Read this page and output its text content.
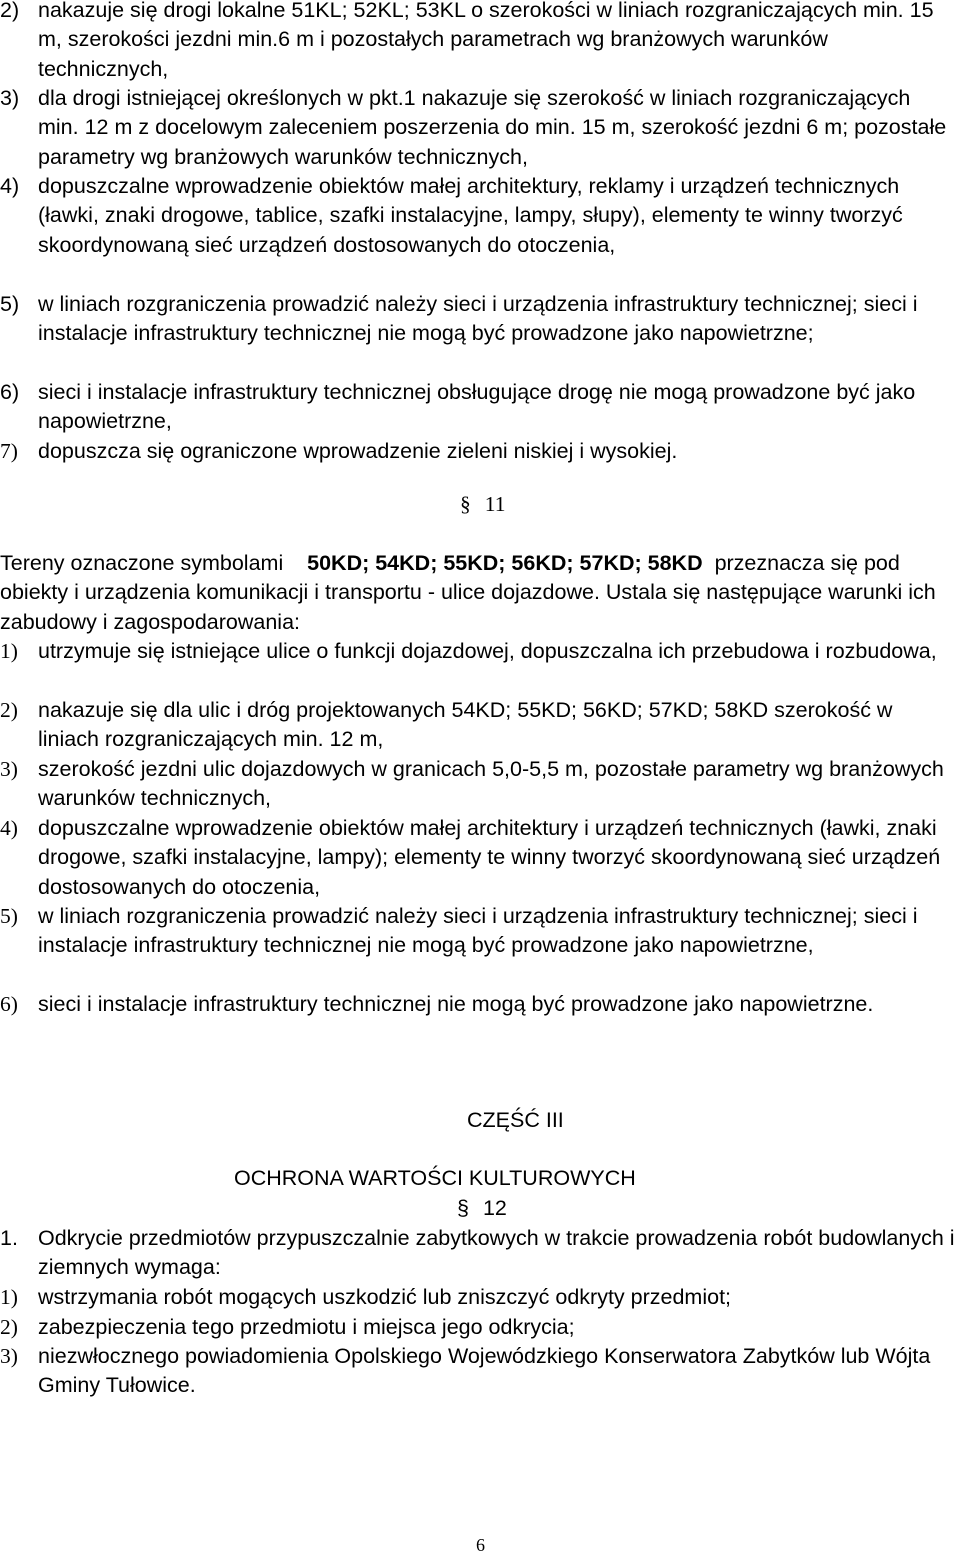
2) nakazuje się drogi lokalne 51KL; 52KL; 53KL o szerokości w liniach rozgraniczających min. 15 m, szerokości jezdni min.6 m i pozostałych parametrach wg branżowych warunków technicznych,
3) dla drogi istniejącej określonych w pkt.1 nakazuje się szerokość w liniach rozgraniczających min. 12 m z docelowym zaleceniem poszerzenia do min. 15 m, szerokość jezdni 6 m; pozostałe parametry wg branżowych warunków technicznych,
4) dopuszczalne wprowadzenie obiektów małej architektury, reklamy i urządzeń technicznych (ławki, znaki drogowe, tablice, szafki instalacyjne, lampy, słupy), elementy te winny tworzyć skoordynowaną sieć urządzeń dostosowanych do otoczenia,
5) w liniach rozgraniczenia prowadzić należy sieci i urządzenia infrastruktury technicznej; sieci i instalacje infrastruktury technicznej nie mogą być prowadzone jako napowietrzne;
6) sieci i instalacje infrastruktury technicznej obsługujące drogę nie mogą prowadzone być jako napowietrzne,
7) dopuszcza się ograniczone wprowadzenie zieleni niskiej i wysokiej.
§ 11
Tereny oznaczone symbolami 50KD; 54KD; 55KD; 56KD; 57KD; 58KD przeznacza się pod obiekty i urządzenia komunikacji i transportu - ulice dojazdowe. Ustala się następujące warunki ich zabudowy i zagospodarowania:
1) utrzymuje się istniejące ulice o funkcji dojazdowej, dopuszczalna ich przebudowa i rozbudowa,
2) nakazuje się dla ulic i dróg projektowanych 54KD; 55KD; 56KD; 57KD; 58KD szerokość w liniach rozgraniczających min. 12 m,
3) szerokość jezdni ulic dojazdowych w granicach 5,0-5,5 m, pozostałe parametry wg branżowych warunków technicznych,
4) dopuszczalne wprowadzenie obiektów małej architektury i urządzeń technicznych (ławki, znaki drogowe, szafki instalacyjne, lampy); elementy te winny tworzyć skoordynowaną sieć urządzeń dostosowanych do otoczenia,
5) w liniach rozgraniczenia prowadzić należy sieci i urządzenia infrastruktury technicznej; sieci i instalacje infrastruktury technicznej nie mogą być prowadzone jako napowietrzne,
6) sieci i instalacje infrastruktury technicznej nie mogą być prowadzone jako napowietrzne.
CZĘŚĆ III
OCHRONA WARTOŚCI KULTUROWYCH
§ 12
1. Odkrycie przedmiotów przypuszczalnie zabytkowych w trakcie prowadzenia robót budowlanych i ziemnych wymaga:
1) wstrzymania robót mogących uszkodzić lub zniszczyć odkryty przedmiot;
2) zabezpieczenia tego przedmiotu i miejsca jego odkrycia;
3) niezwłocznego powiadomienia Opolskiego Wojewódzkiego Konserwatora Zabytków lub Wójta Gminy Tułowice.
6
